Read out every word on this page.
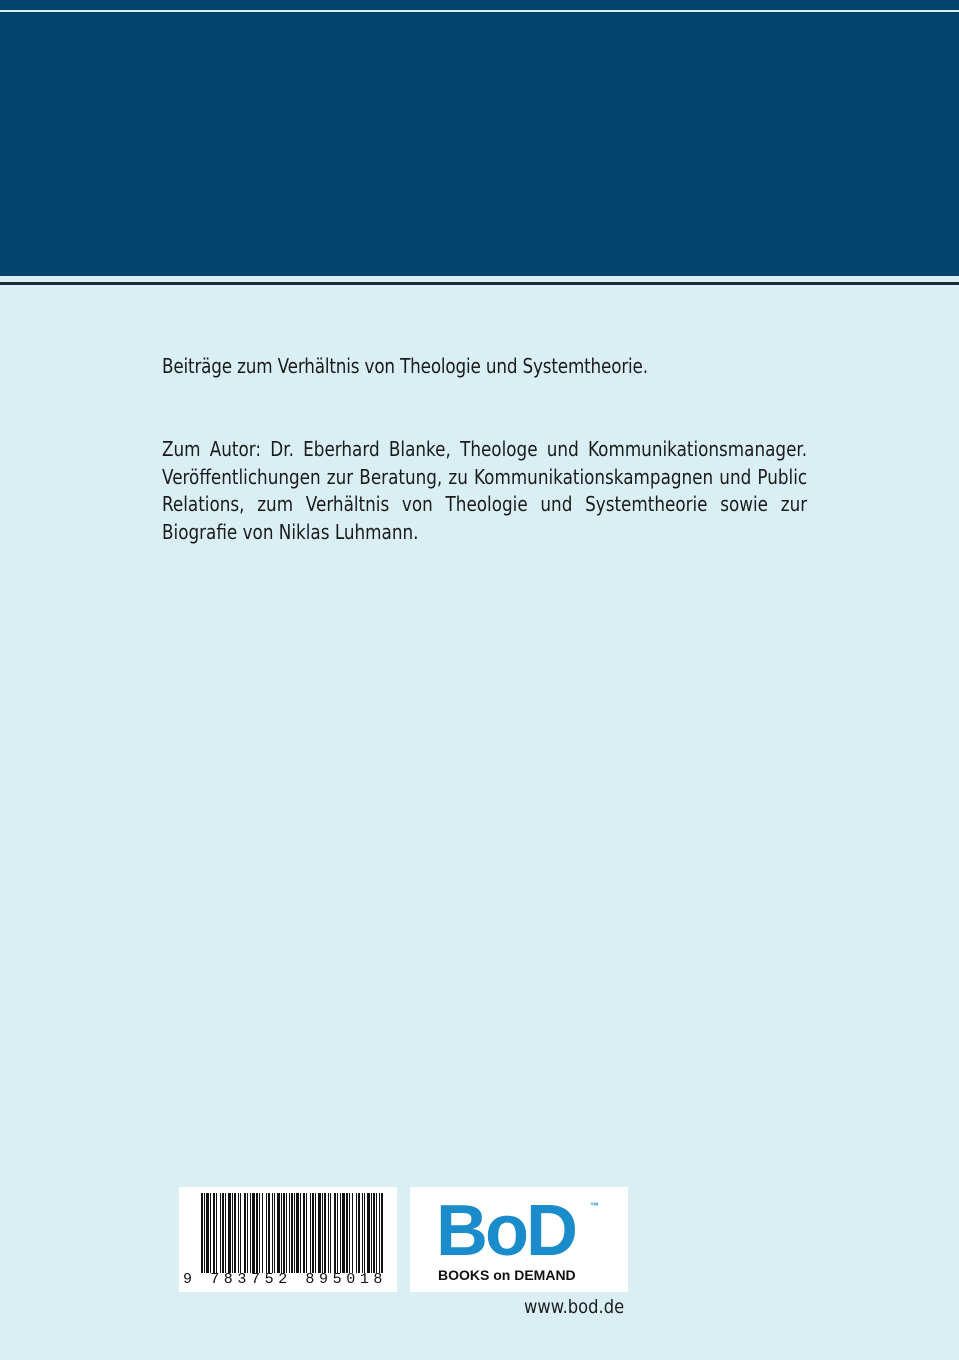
Beiträge zum Verhältnis von Theologie und Systemtheorie.
Zum Autor: Dr. Eberhard Blanke, Theologe und Kommunikationsmanager. Veröffentlichungen zur Beratung, zu Kommunikationskampagnen und Public Relations, zum Verhältnis von Theologie und Systemtheorie sowie zur Biografie von Niklas Luhmann.
9 783752 895018
BoD ™
BOOKS on DEMAND
www.bod.de
